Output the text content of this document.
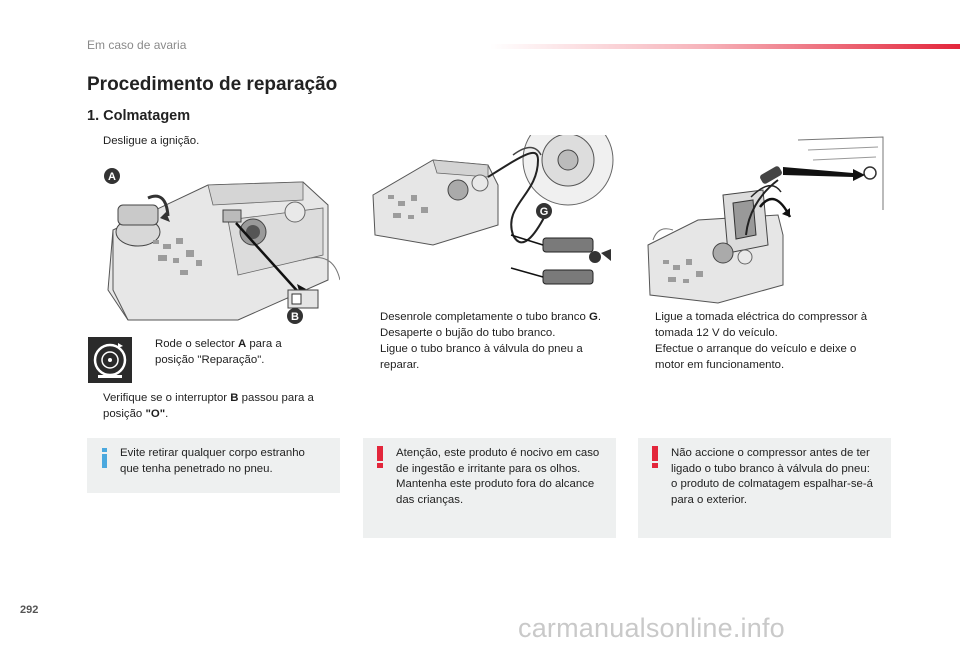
Em caso de avaria
Procedimento de reparação
1. Colmatagem
Desligue a ignição.
A
B
Rode o selector A para a
posição "Reparação".
Verifique se o interruptor B passou para a
posição "O".
Evite retirar qualquer corpo estranho
que tenha penetrado no pneu.
G
Desenrole completamente o tubo branco G.
Desaperte o bujão do tubo branco.
Ligue o tubo branco à válvula do pneu a
reparar.
Atenção, este produto é nocivo em caso
de ingestão e irritante para os olhos.
Mantenha este produto fora do alcance
das crianças.
Ligue a tomada eléctrica do compressor à
tomada 12 V do veículo.
Efectue o arranque do veículo e deixe o
motor em funcionamento.
Não accione o compressor antes de ter
ligado o tubo branco à válvula do pneu:
o produto de colmatagem espalhar-se-á
para o exterior.
292
carmanualsonline.info
